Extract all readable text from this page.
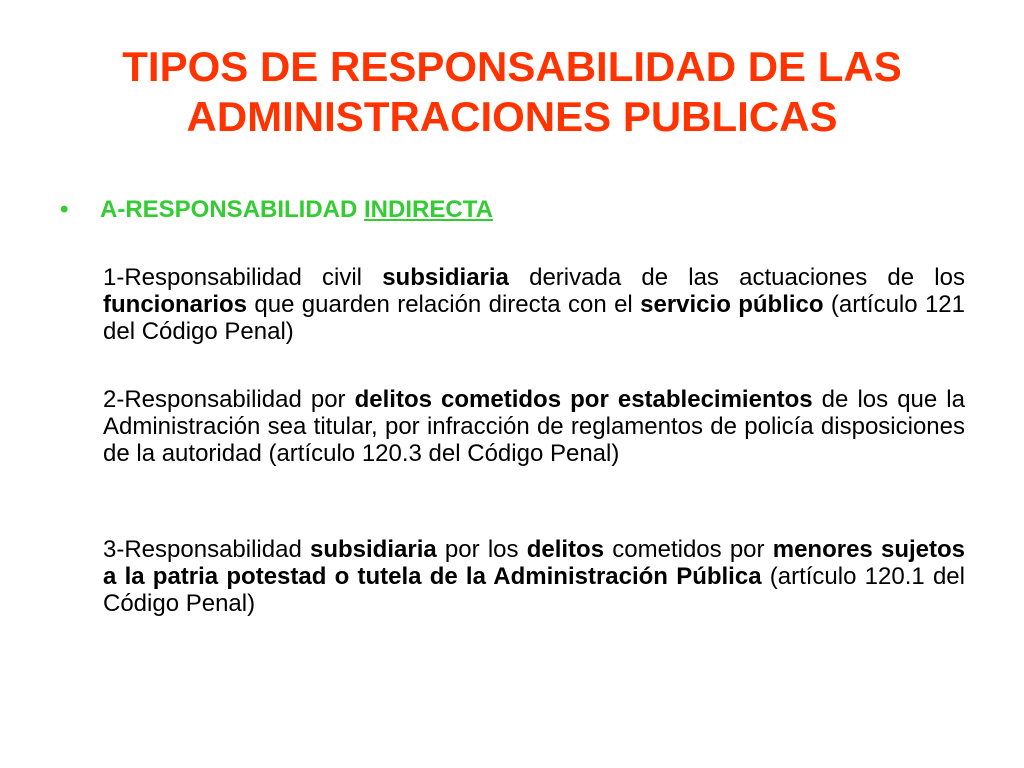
TIPOS DE RESPONSABILIDAD DE LAS
ADMINISTRACIONES PUBLICAS
• A-RESPONSABILIDAD INDIRECTA

1-Responsabilidad civil subsidiaria derivada de las actuaciones de los funcionarios que guarden relación directa con el servicio público (artículo 121 del Código Penal)

2-Responsabilidad por delitos cometidos por establecimientos de los que la Administración sea titular, por infracción de reglamentos de policía disposiciones de la autoridad (artículo 120.3 del Código Penal)

3-Responsabilidad subsidiaria por los delitos cometidos por menores sujetos a la patria potestad o tutela de la Administración Pública (artículo 120.1 del Código Penal)
